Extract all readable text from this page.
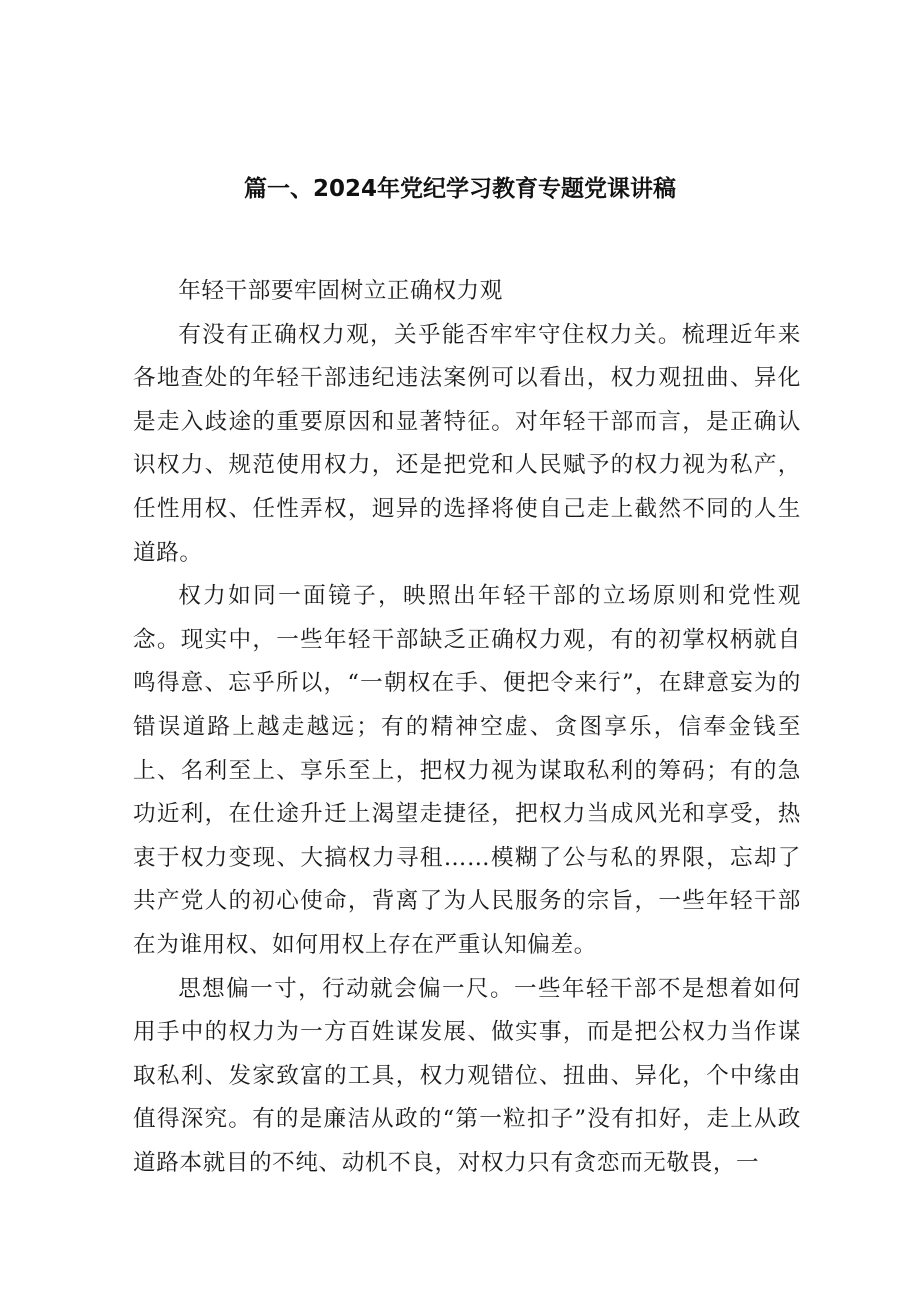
篇一、2024年党纪学习教育专题党课讲稿

年轻干部要牢固树立正确权力观

有没有正确权力观，关乎能否牢牢守住权力关。梳理近年来各地查处的年轻干部违纪违法案例可以看出，权力观扭曲、异化是走入歧途的重要原因和显著特征。对年轻干部而言，是正确认识权力、规范使用权力，还是把党和人民赋予的权力视为私产，任性用权、任性弄权，迥异的选择将使自己走上截然不同的人生道路。

权力如同一面镜子，映照出年轻干部的立场原则和党性观念。现实中，一些年轻干部缺乏正确权力观，有的初掌权柄就自鸣得意、忘乎所以，“一朝权在手、便把令来行”，在肆意妄为的错误道路上越走越远；有的精神空虚、贪图享乐，信奉金钱至上、名利至上、享乐至上，把权力视为谋取私利的筹码；有的急功近利，在仕途升迁上渴望走捷径，把权力当成风光和享受，热衷于权力变现、大搞权力寻租……模糊了公与私的界限，忘却了共产党人的初心使命，背离了为人民服务的宗旨，一些年轻干部在为谁用权、如何用权上存在严重认知偏差。

思想偏一寸，行动就会偏一尺。一些年轻干部不是想着如何用手中的权力为一方百姓谋发展、做实事，而是把公权力当作谋取私利、发家致富的工具，权力观错位、扭曲、异化，个中缘由值得深究。有的是廉洁从政的“第一粒扣子”没有扣好，走上从政道路本就目的不纯、动机不良，对权力只有贪恋而无敬畏，一
